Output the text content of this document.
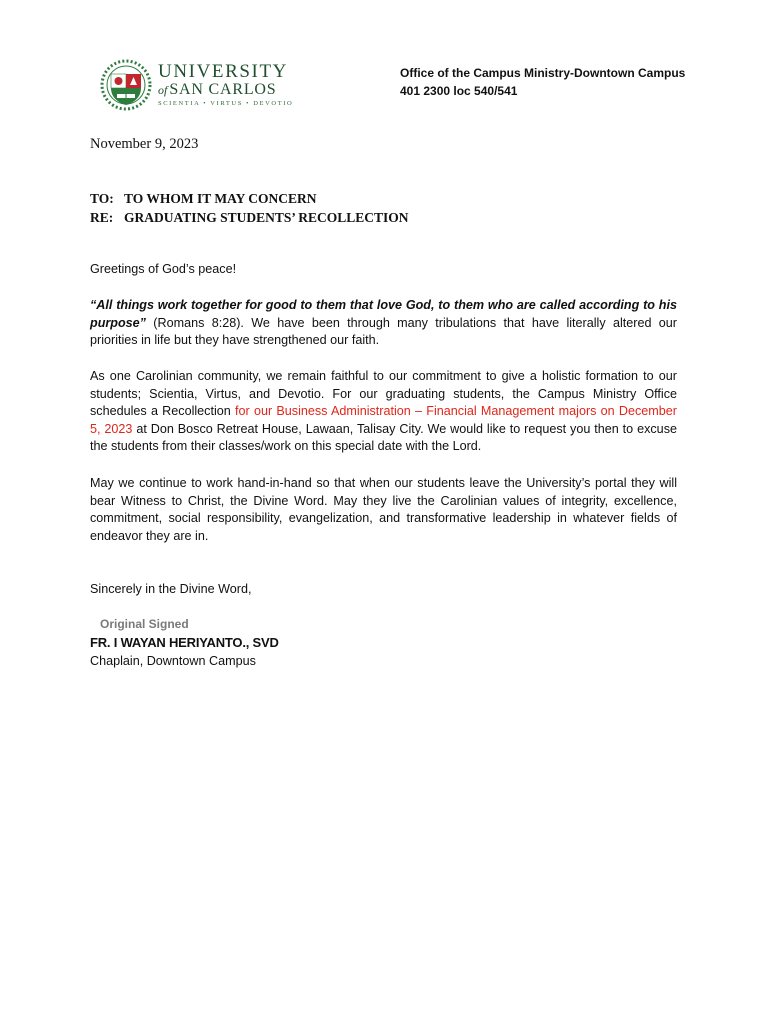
UNIVERSITY
of SAN CARLOS
SCIENTIA • VIRTUS • DEVOTIO
Office of the Campus Ministry-Downtown Campus
401 2300 loc 540/541
November 9, 2023
TO: TO WHOM IT MAY CONCERN
RE: GRADUATING STUDENTS’ RECOLLECTION
Greetings of God’s peace!
“All things work together for good to them that love God, to them who are called according to his purpose” (Romans 8:28). We have been through many tribulations that have literally altered our priorities in life but they have strengthened our faith.
As one Carolinian community, we remain faithful to our commitment to give a holistic formation to our students; Scientia, Virtus, and Devotio. For our graduating students, the Campus Ministry Office schedules a Recollection for our Business Administration – Financial Management majors on December 5, 2023 at Don Bosco Retreat House, Lawaan, Talisay City. We would like to request you then to excuse the students from their classes/work on this special date with the Lord.
May we continue to work hand-in-hand so that when our students leave the University’s portal they will bear Witness to Christ, the Divine Word. May they live the Carolinian values of integrity, excellence, commitment, social responsibility, evangelization, and transformative leadership in whatever fields of endeavor they are in.
Sincerely in the Divine Word,
Original Signed
FR. I WAYAN HERIYANTO., SVD
Chaplain, Downtown Campus
